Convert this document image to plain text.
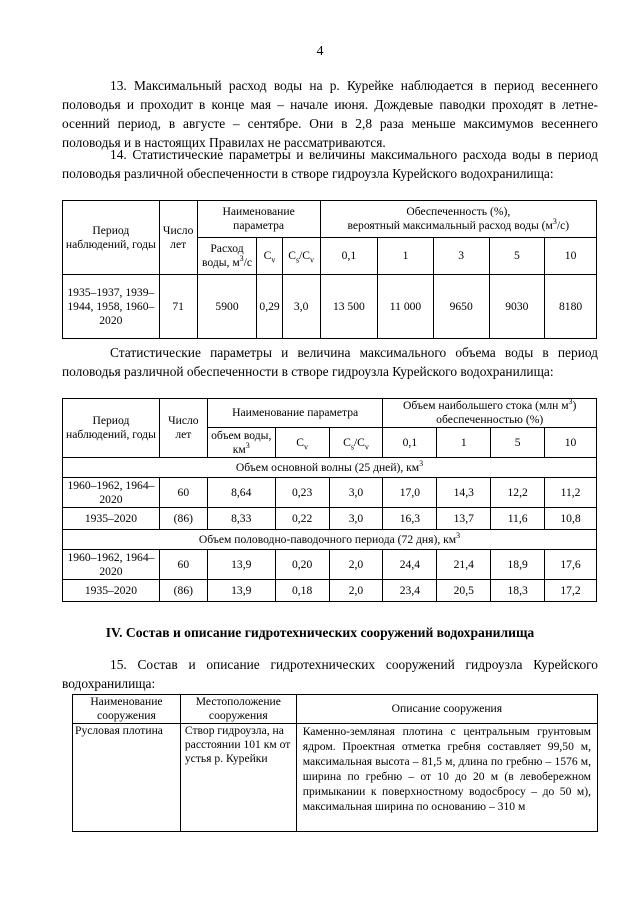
4

13. Максимальный расход воды на р. Курейке наблюдается в период весеннего половодья и проходит в конце мая – начале июня. Дождевые паводки проходят в летне-осенний период, в августе – сентябре. Они в 2,8 раза меньше максимумов весеннего половодья и в настоящих Правилах не рассматриваются.

14. Статистические параметры и величины максимального расхода воды в период половодья различной обеспеченности в створе гидроузла Курейского водохранилища:

Период наблюдений, годы	Число лет	Наименование параметра			Обеспеченность (%),
вероятный максимальный расход воды $(м^3/с)$				
		Расход воды, $м^3/с$	$C_v$	$C_s/C_v$	0,1	1	3	5	10
1935–1937, 1939–1944, 1958, 1960–2020	71	5900	0,29	3,0	13 500	11 000	9650	9030	8180

Статистические параметры и величина максимального объема воды в период половодья различной обеспеченности в створе гидроузла Курейского водохранилища:

Период наблюдений, годы	Число лет	Наименование параметра			Объем наибольшего стока (млн $м^3$) обеспеченностью (%)			
		объем воды, $км^3$	$C_v$	$C_s/C_v$	0,1	1	5	10
Объем основной волны (25 дней), $км^3$
1960–1962, 1964–2020	60	8,64	0,23	3,0	17,0	14,3	12,2	11,2
1935–2020	(86)	8,33	0,22	3,0	16,3	13,7	11,6	10,8
Объем половодно-паводочного периода (72 дня), $км^3$
1960–1962, 1964–2020	60	13,9	0,20	2,0	24,4	21,4	18,9	17,6
1935–2020	(86)	13,9	0,18	2,0	23,4	20,5	18,3	17,2
IV. Состав и описание гидротехнических сооружений водохранилища

15. Состав и описание гидротехнических сооружений гидроузла Курейского водохранилища:

Наименование сооружения	Местоположение сооружения	Описание сооружения
Русловая плотина	Створ гидроузла, на расстоянии 101 км от устья р. Курейки	Каменно-земляная плотина с центральным грунтовым ядром. Проектная отметка гребня составляет 99,50 м, максимальная высота – 81,5 м, длина по гребню – 1576 м, ширина по гребню – от 10 до 20 м (в левобережном примыкании к поверхностному водосбросу – до 50 м), максимальная ширина по основанию – 310 м
